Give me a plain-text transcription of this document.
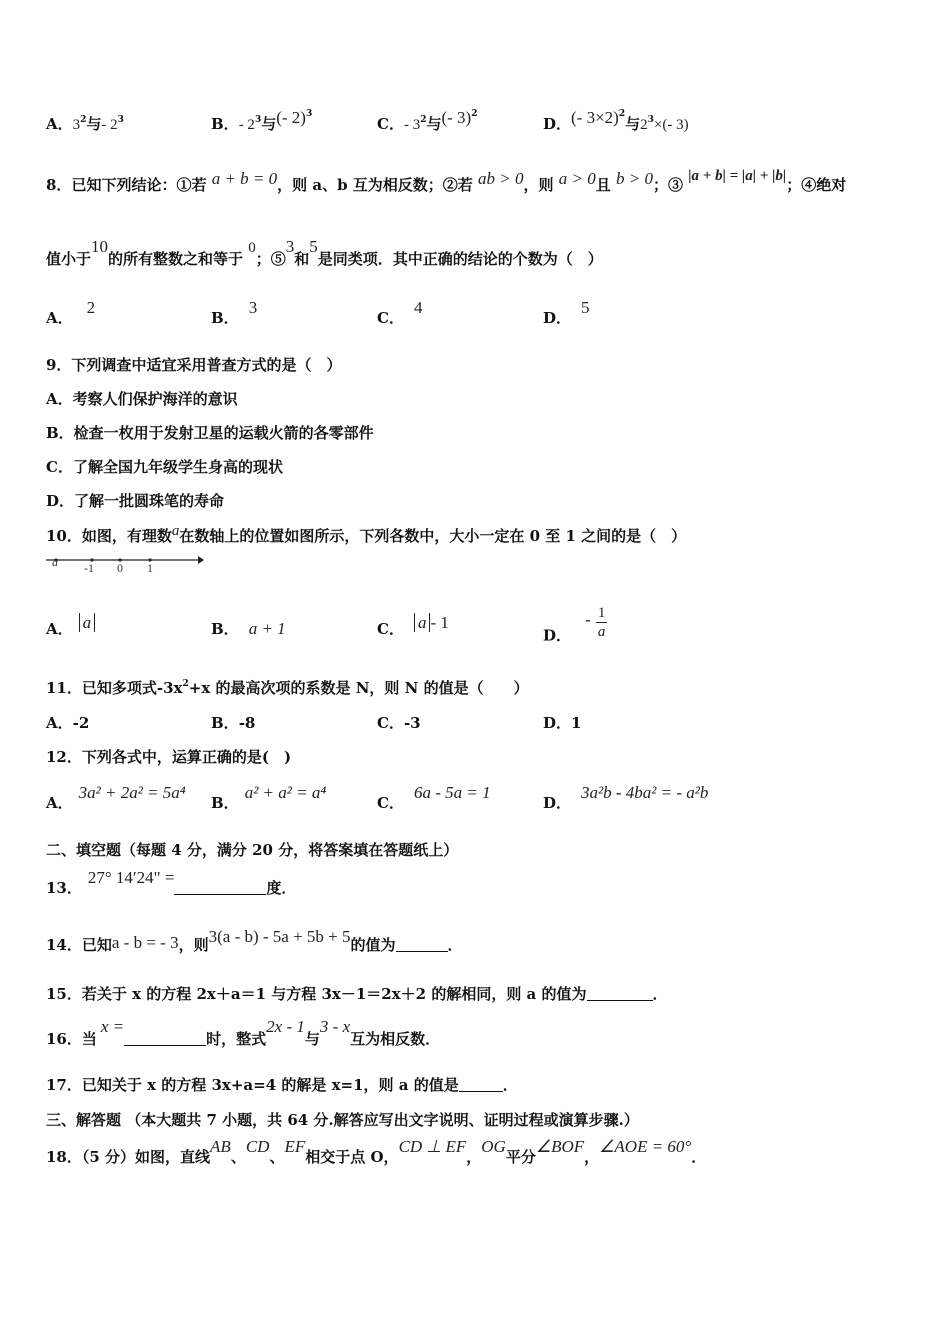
A．$3^2$与- $2^3$	B．- $2^3$与(- 2)$^3$
C．- $3^2$与(- 3)$^2$
D．(- 3×2)$^2$与$2^3\times(-$ 3)
8．已知下列结论：①若 a + b = 0，则 a、b 互为相反数；②若 ab > 0，则 a > 0且 b > 0；③ |a + b| = |a| + |b|；④绝对
值小于10的所有整数之和等于 0；⑤3和5是同类项．其中正确的结论的个数为（　）
A．2
B．3
C．4
D．5
9．下列调查中适宜采用普查方式的是（　）
A．考察人们保护海洋的意识
B．检查一枚用于发射卫星的运载火箭的各零部件
C．了解全国九年级学生身高的现状
D．了解一批圆珠笔的寿命
10．如图，有理数a在数轴上的位置如图所示，下列各数中，大小一定在 0 至 1 之间的是（　）
a -1 0 1
A． a	B． a + 1	C． a - 1
D．- $\frac{1}{a}$
11．已知多项式$-3x^2+x$ 的最高次项的系数是 N，则 N 的值是（　　）
A．-2	B．-8	C．-3	D．1
12．下列各式中，运算正确的是(　)
A．3a² + 2a² = 5a⁴
B．a² + a² = a⁴
C．6a - 5a = 1
D．3a²b - 4ba² = - a²b
二、填空题（每题 4 分，满分 20 分，将答案填在答题纸上）
13．27° 14′24" =度．
14．已知a - b = - 3，则3(a - b) - 5a + 5b + 5的值为	．
15．若关于 x 的方程 2x＋a＝1 与方程 3x－1＝2x＋2 的解相同，则 a 的值为	．
16．当x =时，整式2x - 1与3 - x互为相反数．
17．已知关于 x 的方程 3x+a=4 的解是 x=1，则 a 的值是	．
三、解答题 （本大题共 7 小题，共 64 分.解答应写出文字说明、证明过程或演算步骤.）
18．（5 分）如图，直线AB、CD、EF相交于点 O，CD ⊥ EF，OG平分∠BOF，∠AOE = 60°．
